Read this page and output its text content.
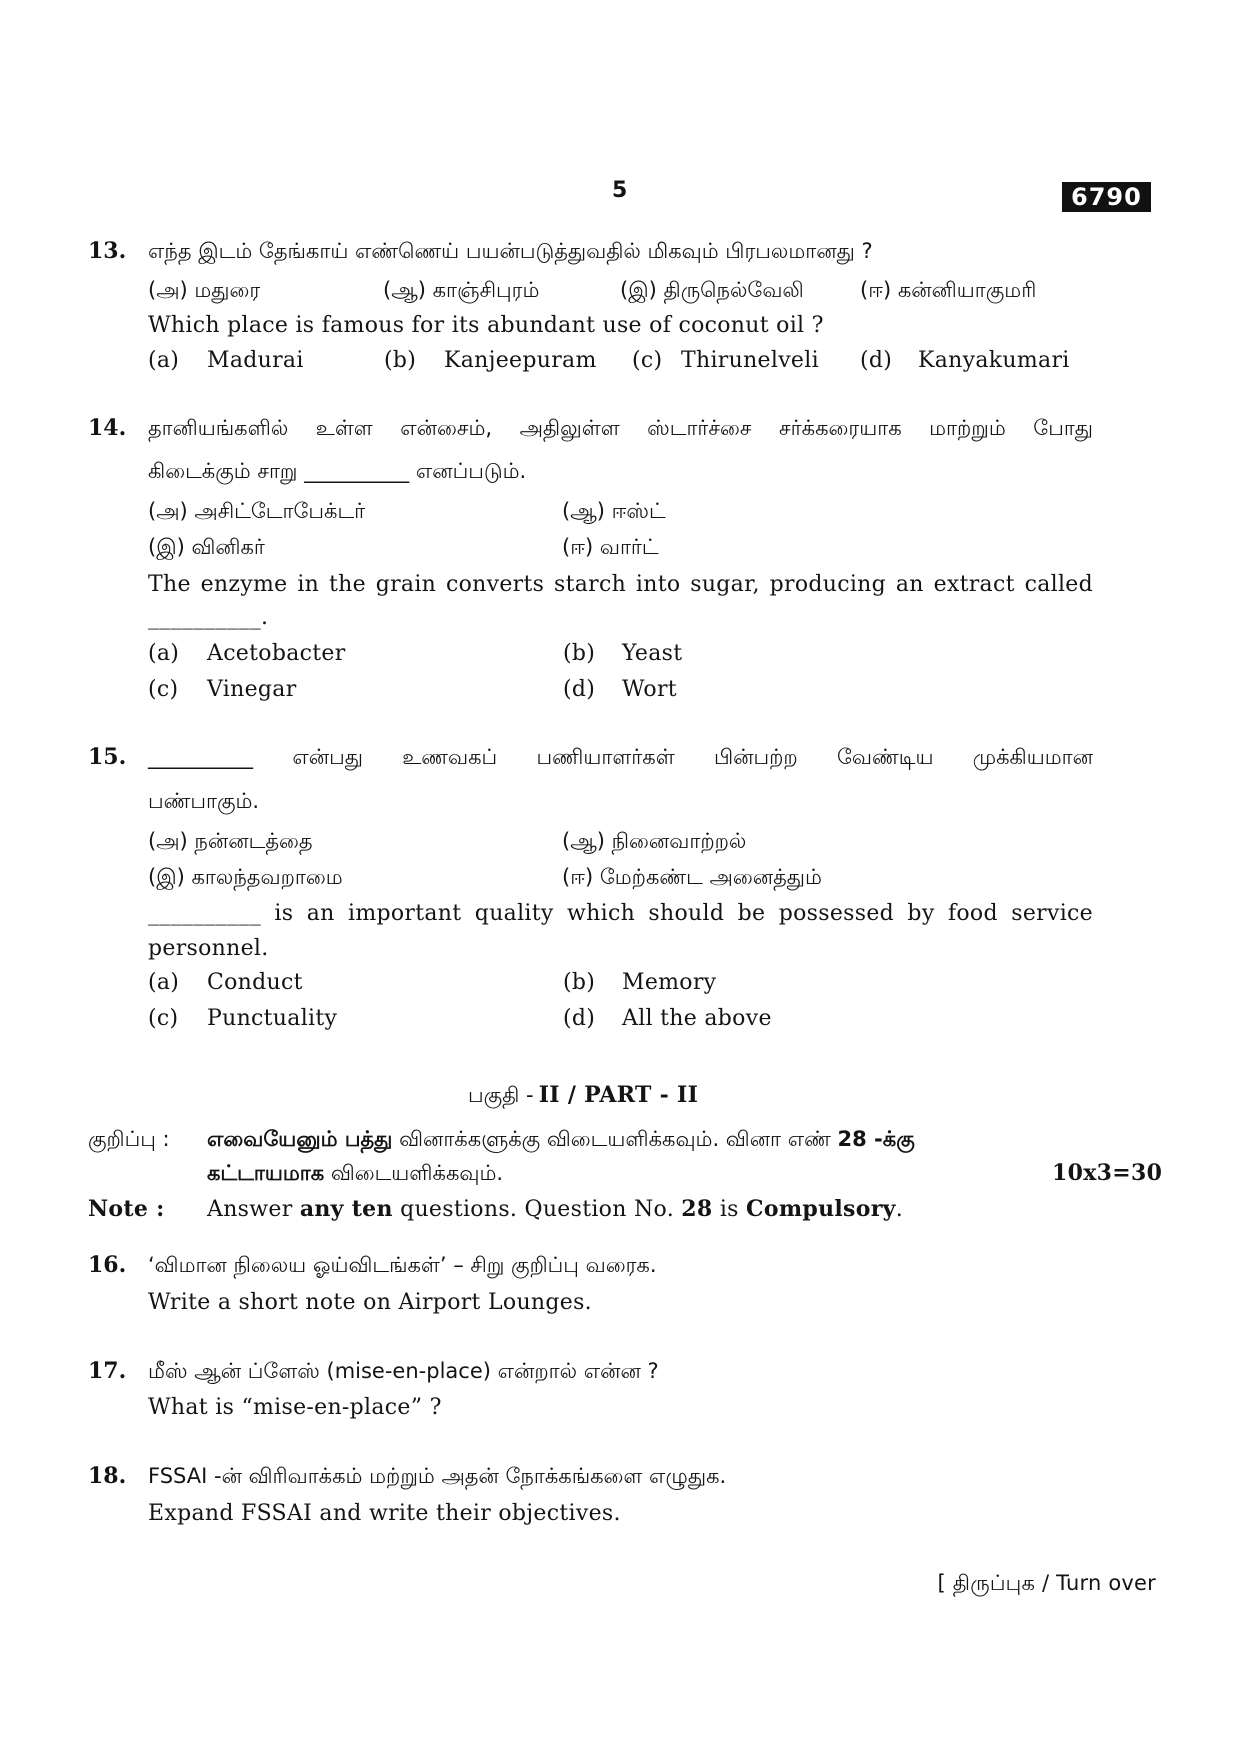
5	6790
13. எந்த இடம் தேங்காய் எண்ணெய் பயன்படுத்துவதில் மிகவும் பிரபலமானது ?
(அ) மதுரை	(ஆ) காஞ்சிபுரம்	(இ) திருநெல்வேலி	(ஈ) கன்னியாகுமரி
Which place is famous for its abundant use of coconut oil ?
(a) Madurai	(b) Kanjeepuram (c) Thirunelveli (d) Kanyakumari
14. தானியங்களில் உள்ள என்சைம், அதிலுள்ள ஸ்டார்ச்சை சர்க்கரையாக மாற்றும் போது
கிடைக்கும் சாறு __________ எனப்படும்.
(அ) அசிட்டோபேக்டர்	(ஆ) ஈஸ்ட்
(இ) வினிகர்	(ஈ) வார்ட்
The enzyme in the grain converts starch into sugar, producing an extract called
__________.
(a) Acetobacter	(b) Yeast
(c) Vinegar	(d) Wort
15. __________ என்பது உணவகப் பணியாளர்கள் பின்பற்ற வேண்டிய முக்கியமான
பண்பாகும்.
(அ) நன்னடத்தை	(ஆ) நினைவாற்றல்
(இ) காலந்தவறாமை	(ஈ) மேற்கண்ட அனைத்தும்
__________ is an important quality which should be possessed by food service
personnel.
(a) Conduct	(b) Memory
(c) Punctuality	(d) All the above
பகுதி - II / PART - II
குறிப்பு : எவையேனும் பத்து வினாக்களுக்கு விடையளிக்கவும். வினா எண் 28 -க்கு
கட்டாயமாக விடையளிக்கவும்.	10x3=30
Note : Answer any ten questions. Question No. 28 is Compulsory.
16. ‘விமான நிலைய ஓய்விடங்கள்’ – சிறு குறிப்பு வரைக.
Write a short note on Airport Lounges.
17. மீஸ் ஆன் ப்ளேஸ் (mise-en-place) என்றால் என்ன ?
What is “mise-en-place” ?
18. FSSAI -ன் விரிவாக்கம் மற்றும் அதன் நோக்கங்களை எழுதுக.
Expand FSSAI and write their objectives.
[ திருப்புக / Turn over
